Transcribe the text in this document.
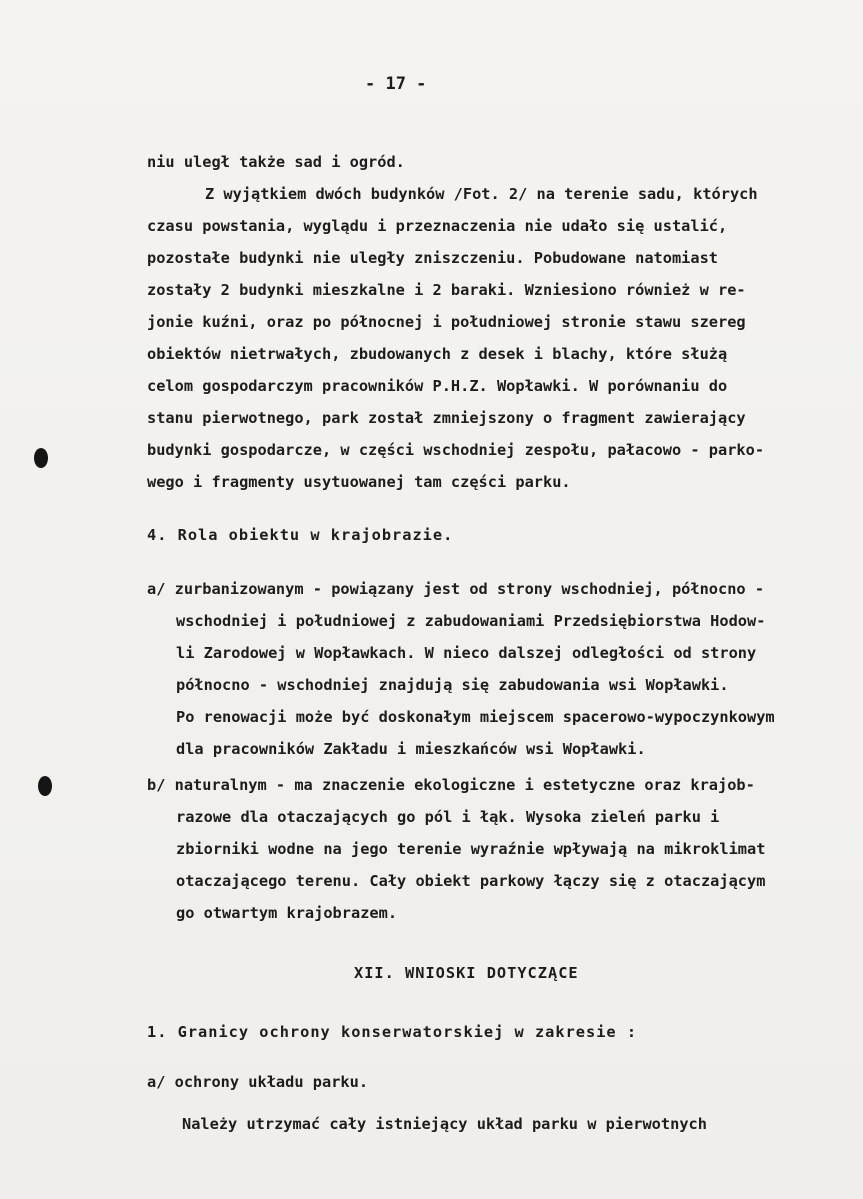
- 17 -
niu uległ także sad i ogród.
Z wyjątkiem dwóch budynków /Fot. 2/ na terenie sadu, których
czasu powstania, wyglądu i przeznaczenia nie udało się ustalić,
pozostałe budynki nie uległy zniszczeniu. Pobudowane natomiast
zostały 2 budynki mieszkalne i 2 baraki. Wzniesiono również w re-
jonie kuźni, oraz po północnej i południowej stronie stawu szereg
obiektów nietrwałych, zbudowanych z desek i blachy, które służą
celom gospodarczym pracowników P.H.Z. Wopławki. W porównaniu do
stanu pierwotnego, park został zmniejszony o fragment zawierający
budynki gospodarcze, w części wschodniej zespołu, pałacowo - parko-
wego i fragmenty usytuowanej tam części parku.
4. Rola obiektu w krajobrazie.
a/ zurbanizowanym - powiązany jest od strony wschodniej, północno -
wschodniej i południowej z zabudowaniami Przedsiębiorstwa Hodow-
li Zarodowej w Wopławkach. W nieco dalszej odległości od strony
północno - wschodniej znajdują się zabudowania wsi Wopławki.
Po renowacji może być doskonałym miejscem spacerowo-wypoczynkowym
dla pracowników Zakładu i mieszkańców wsi Wopławki.
b/ naturalnym - ma znaczenie ekologiczne i estetyczne oraz krajob-
razowe dla otaczających go pól i łąk. Wysoka zieleń parku i
zbiorniki wodne na jego terenie wyraźnie wpływają na mikroklimat
otaczającego terenu. Cały obiekt parkowy łączy się z otaczającym
go otwartym krajobrazem.
XII. WNIOSKI DOTYCZĄCE
1. Granicy ochrony konserwatorskiej w zakresie :
a/ ochrony układu parku.
Należy utrzymać cały istniejący układ parku w pierwotnych
